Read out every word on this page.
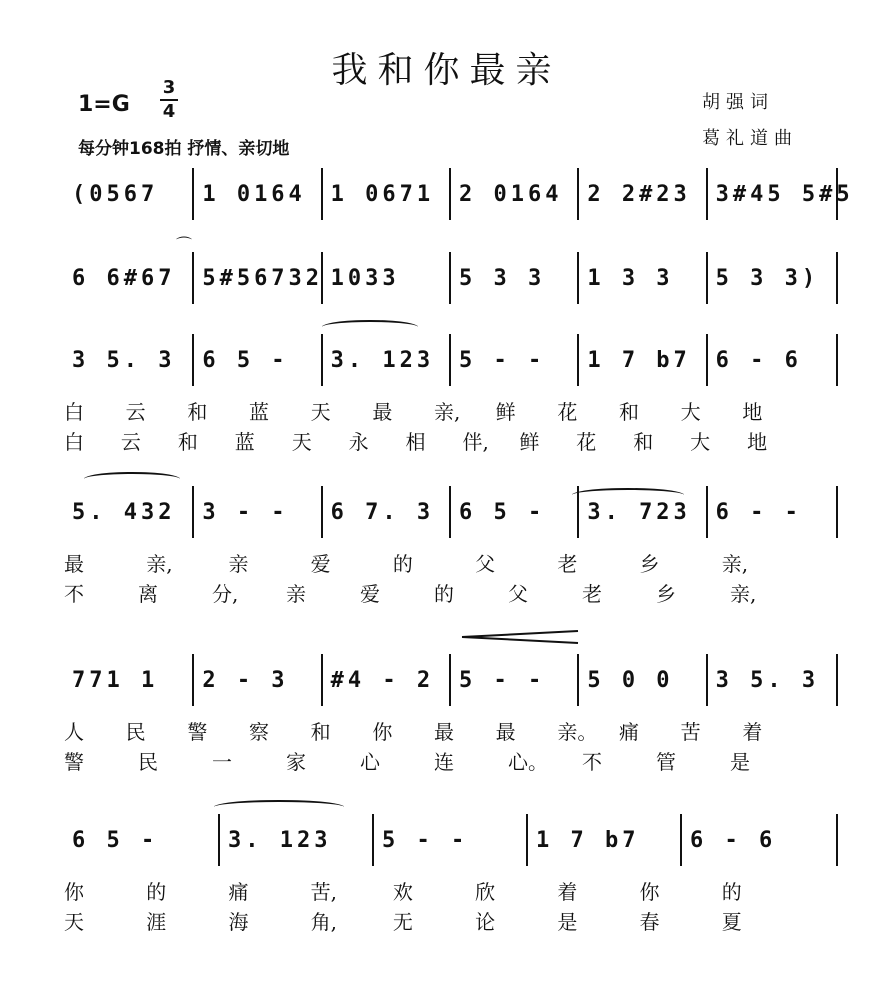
我和你最亲
1=G
3
4
每分钟168拍 抒情、亲切地
胡强词
葛礼道曲
⌒
(0567	1 0164	1 0671	2 0164	2 2#23	3#45 5#5
6 6#67	5#56732 1033	5 3 3	1 3 3	5 3 3)
3 5. 3	6 5 -	3. 123	5 - -	1 7 b7	6 - 6
白 云 和 蓝 天 最 亲, 鲜 花 和 大 地
白 云 和 蓝 天 永 相 伴, 鲜 花 和 大 地
5. 432	3 - -	6 7. 3	6 5 -	3. 723	6 - -
最	亲,	亲	爱	的	父	老	乡	亲,
不	离	分, 亲	爱	的	父	老	乡	亲,
771 1	2 - 3	#4 - 2	5 - -	5 0 0	3 5. 3
人 民 警 察 和 你 最 最 亲。 痛 苦 着
警	民	一	家	心	连	心。 不	管	是
6 5 -	3. 123	5 - -	1 7 b7	6 - 6
你	的	痛	苦,	欢	欣	着	你	的
天	涯	海	角,	无	论	是	春	夏
